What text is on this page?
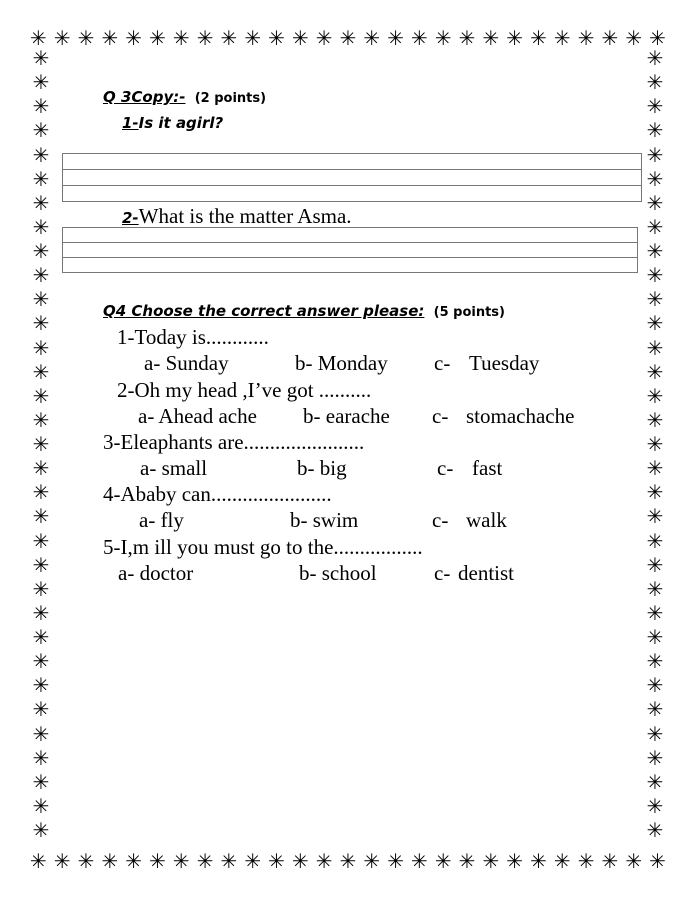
✳ ✳ ✳ ✳ ✳ ✳ ✳ ✳ ✳ ✳ ✳ ✳ ✳ ✳ ✳ ✳ ✳ ✳ ✳ ✳ ✳ ✳ ✳ ✳ ✳ ✳ ✳
✳ ✳ ✳ ✳ ✳ ✳ ✳ ✳ ✳ ✳ ✳ ✳ ✳ ✳ ✳ ✳ ✳ ✳ ✳ ✳ ✳ ✳ ✳ ✳ ✳ ✳ ✳
✳
✳
✳
✳
✳
✳
✳
✳
✳
✳
✳
✳
✳
✳
✳
✳
✳
✳
✳
✳
✳
✳
✳
✳
✳
✳
✳
✳
✳
✳
✳
✳
✳
✳
✳
✳
✳
✳
✳
✳
✳
✳
✳
✳
✳
✳
✳
✳
✳
✳
✳
✳
✳
✳
✳
✳
✳
✳
✳
✳
✳
✳
✳
✳
✳
✳
Q 3Copy:- (2 points)
1-Is it agirl?
2-What is the matter Asma.
Q4 Choose the correct answer please: (5 points)
1-Today is............
a- Sunday	b- Monday c- Tuesday
2-Oh my head ,I’ve got ..........
a- Ahead ache b- earache c- stomachache
3-Eleaphants are.......................
a- small	b- big	c- fast
4-Ababy can.......................
a- fly	b- swim	c- walk
5-I,m ill you must go to the.................
a- doctor	b- school	c- dentist
